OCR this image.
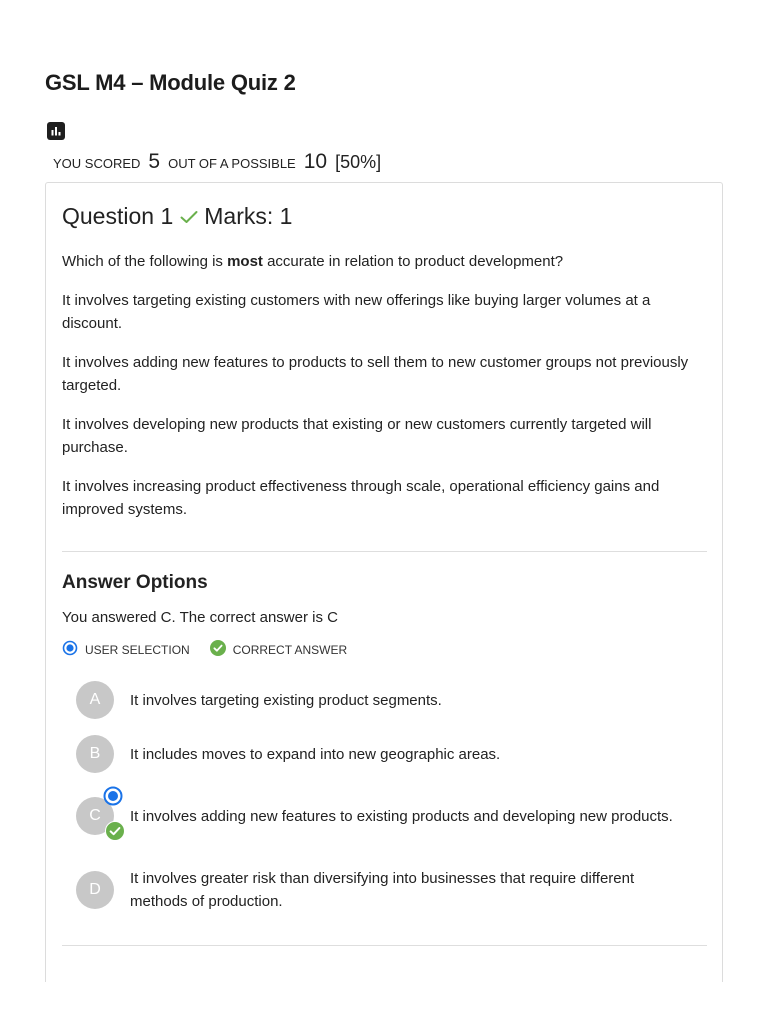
GSL M4 – Module Quiz 2
YOU SCORED 5 OUT OF A POSSIBLE 10 [50%]
Question 1 Marks: 1

Which of the following is most accurate in relation to product development?

It involves targeting existing customers with new offerings like buying larger volumes at a discount.

It involves adding new features to products to sell them to new customer groups not previously targeted.

It involves developing new products that existing or new customers currently targeted will purchase.

It involves increasing product effectiveness through scale, operational efficiency gains and improved systems.

Answer Options

You answered C. The correct answer is C

USER SELECTION	CORRECT ANSWER
A It involves targeting existing product segments.
B It includes moves to expand into new geographic areas.
C It involves adding new features to existing products and developing new products.
D
It involves greater risk than diversifying into businesses that require different methods of production.
